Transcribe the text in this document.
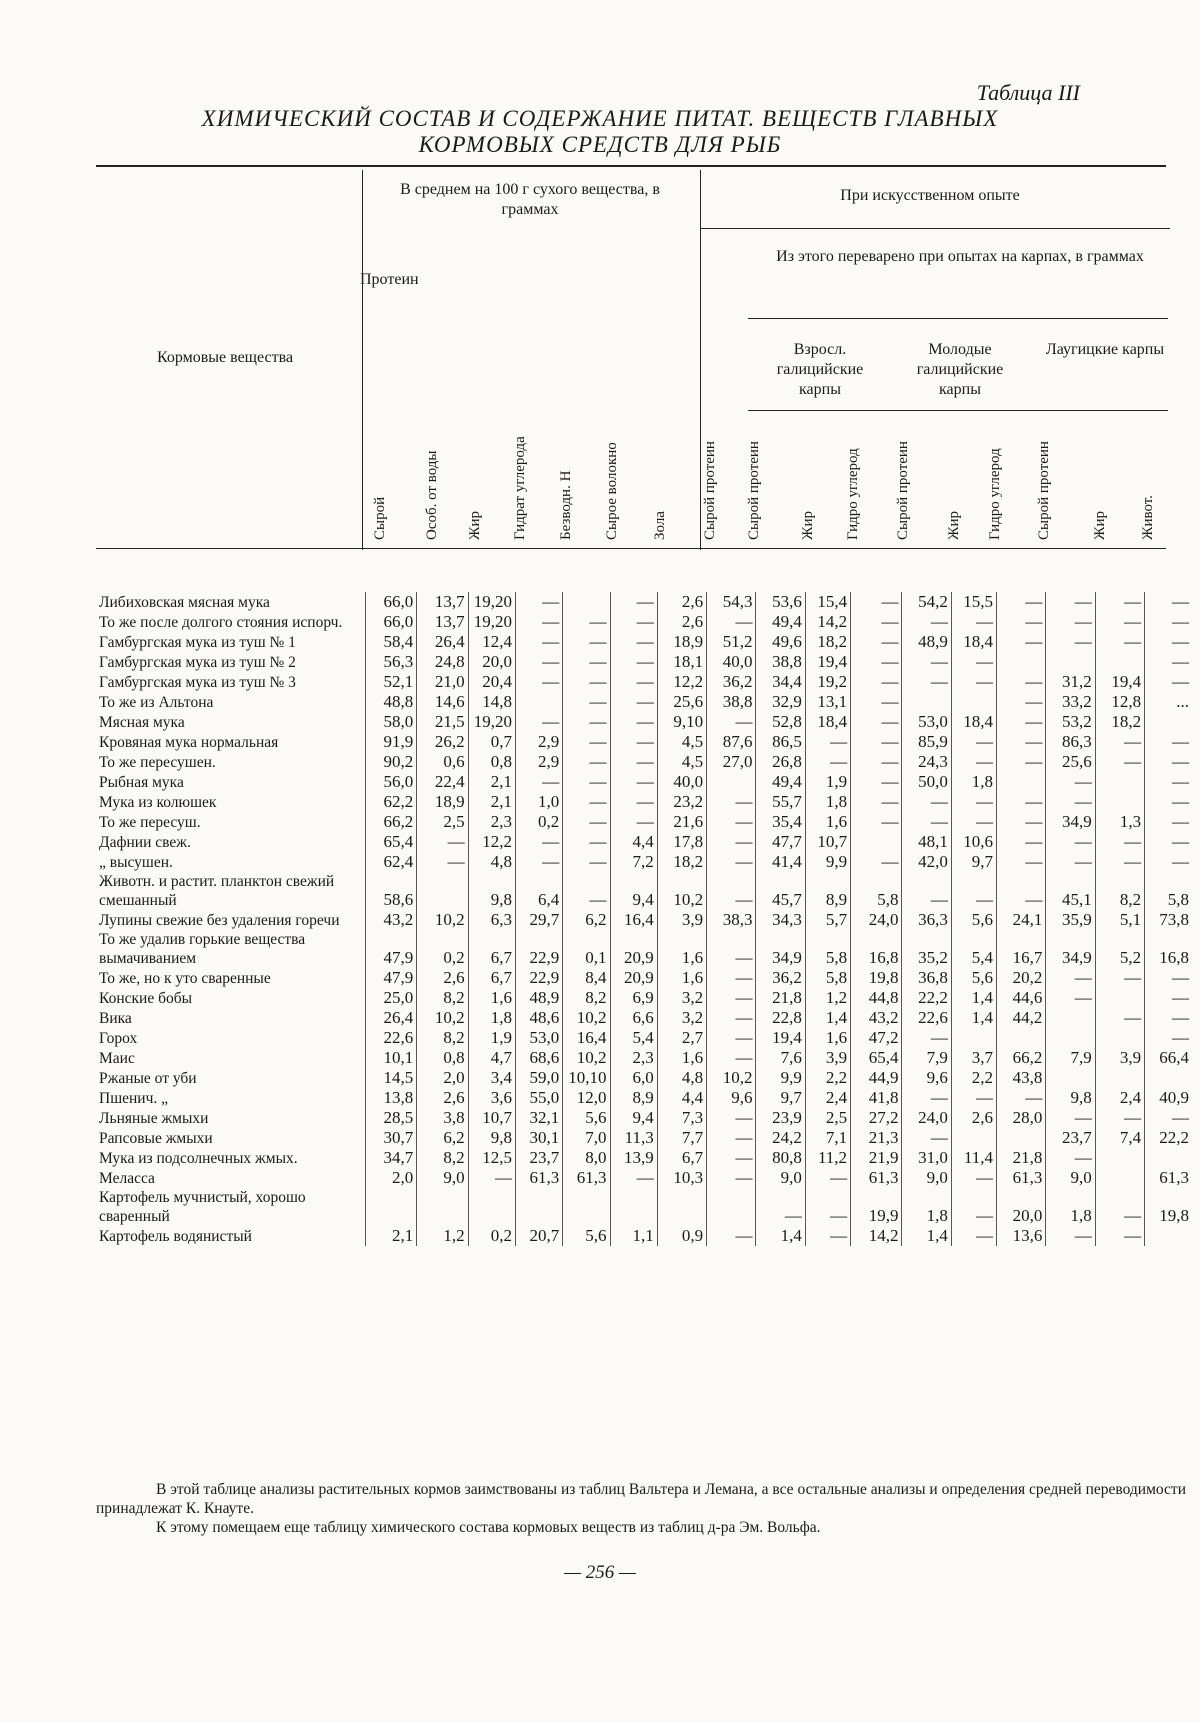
Таблица III
ХИМИЧЕСКИЙ СОСТАВ И СОДЕРЖАНИЕ ПИТАТ. ВЕЩЕСТВ ГЛАВНЫХ
КОРМОВЫХ СРЕДСТВ ДЛЯ РЫБ
Кормовые вещества
В среднем на 100 г сухого вещества, в граммах
Протеин
При искусственном опыте
Из этого переварено при опытах на карпах, в граммах
Взросл. галицийские карпы
Молодые галицийские карпы
Лаугицкие карпы
Сырой Особ. от воды Жир Гидрат углерода Безводн. Н Сырое волокно Зола Сырой протеин Сырой протеин	Жир Гидро углерод Сырой протеин Жир Гидро углерод Сырой протеин	Жир Живот.
Либиховская мясная мука	66,0	13,7	19,20	—		—	2,6	54,3	53,6	15,4	—	54,2	15,5	—	—	—	—
То же после долгого стояния испорч.	66,0	13,7	19,20	—	—	—	2,6	—	49,4	14,2	—	—	—	—	—	—	—
Гамбургская мука из туш № 1	58,4	26,4	12,4	—	—	—	18,9	51,2	49,6	18,2	—	48,9	18,4	—	—	—	—
Гамбургская мука из туш № 2	56,3	24,8	20,0	—	—	—	18,1	40,0	38,8	19,4	—	—	—				—
Гамбургская мука из туш № 3	52,1	21,0	20,4	—	—	—	12,2	36,2	34,4	19,2	—	—	—	—	31,2	19,4	—
То же из Альтона	48,8	14,6	14,8		—	—	25,6	38,8	32,9	13,1	—			—	33,2	12,8	...
Мясная мука	58,0	21,5	19,20	—	—	—	9,10	—	52,8	18,4	—	53,0	18,4	—	53,2	18,2	
Кровяная мука нормальная	91,9	26,2	0,7	2,9	—	—	4,5	87,6	86,5	—	—	85,9	—	—	86,3	—	—
То же пересушен.	90,2	0,6	0,8	2,9	—	—	4,5	27,0	26,8	—	—	24,3	—	—	25,6	—	—
Рыбная мука	56,0	22,4	2,1	—	—	—	40,0		49,4	1,9	—	50,0	1,8		—		—
Мука из колюшек	62,2	18,9	2,1	1,0	—	—	23,2	—	55,7	1,8	—	—	—	—	—		—
То же пересуш.	66,2	2,5	2,3	0,2	—	—	21,6	—	35,4	1,6	—	—	—	—	34,9	1,3	—
Дафнии свеж.	65,4	—	12,2	—	—	4,4	17,8	—	47,7	10,7		48,1	10,6	—	—	—	—
„ высушен.	62,4	—	4,8	—	—	7,2	18,2	—	41,4	9,9	—	42,0	9,7	—	—	—	—
Животн. и растит. планктон свежий смешанный	58,6		9,8	6,4	—	9,4	10,2	—	45,7	8,9	5,8	—	—	—	45,1	8,2	5,8
Лупины свежие без удаления горечи	43,2	10,2	6,3	29,7	6,2	16,4	3,9	38,3	34,3	5,7	24,0	36,3	5,6	24,1	35,9	5,1	73,8
То же удалив горькие вещества вымачиванием	47,9	0,2	6,7	22,9	0,1	20,9	1,6	—	34,9	5,8	16,8	35,2	5,4	16,7	34,9	5,2	16,8
То же, но к уто сваренные	47,9	2,6	6,7	22,9	8,4	20,9	1,6	—	36,2	5,8	19,8	36,8	5,6	20,2	—	—	—
Конские бобы	25,0	8,2	1,6	48,9	8,2	6,9	3,2	—	21,8	1,2	44,8	22,2	1,4	44,6	—		—
Вика	26,4	10,2	1,8	48,6	10,2	6,6	3,2	—	22,8	1,4	43,2	22,6	1,4	44,2		—	—
Горох	22,6	8,2	1,9	53,0	16,4	5,4	2,7	—	19,4	1,6	47,2	—					—
Маис	10,1	0,8	4,7	68,6	10,2	2,3	1,6	—	7,6	3,9	65,4	7,9	3,7	66,2	7,9	3,9	66,4
Ржаные от уби	14,5	2,0	3,4	59,0	10,10	6,0	4,8	10,2	9,9	2,2	44,9	9,6	2,2	43,8			
Пшенич. „	13,8	2,6	3,6	55,0	12,0	8,9	4,4	9,6	9,7	2,4	41,8	—	—	—	9,8	2,4	40,9
Льняные жмыхи	28,5	3,8	10,7	32,1	5,6	9,4	7,3	—	23,9	2,5	27,2	24,0	2,6	28,0	—	—	—
Рапсовые жмыхи	30,7	6,2	9,8	30,1	7,0	11,3	7,7	—	24,2	7,1	21,3	—			23,7	7,4	22,2
Мука из подсолнечных жмых.	34,7	8,2	12,5	23,7	8,0	13,9	6,7	—	80,8	11,2	21,9	31,0	11,4	21,8	—		
Меласса	2,0	9,0	—	61,3	61,3	—	10,3	—	9,0	—	61,3	9,0	—	61,3	9,0		61,3
Картофель мучнистый, хорошо сваренный									—	—	19,9	1,8	—	20,0	1,8	—	19,8
Картофель водянистый	2,1	1,2	0,2	20,7	5,6	1,1	0,9	—	1,4	—	14,2	1,4	—	13,6	—	—	
В этой таблице анализы растительных кормов заимствованы из таблиц Вальтера и Лемана, а все остальные анализы и определения средней переводимости принадлежат К. Кнауте.
К этому помещаем еще таблицу химического состава кормовых веществ из таблиц д-ра Эм. Вольфа.
— 256 —
